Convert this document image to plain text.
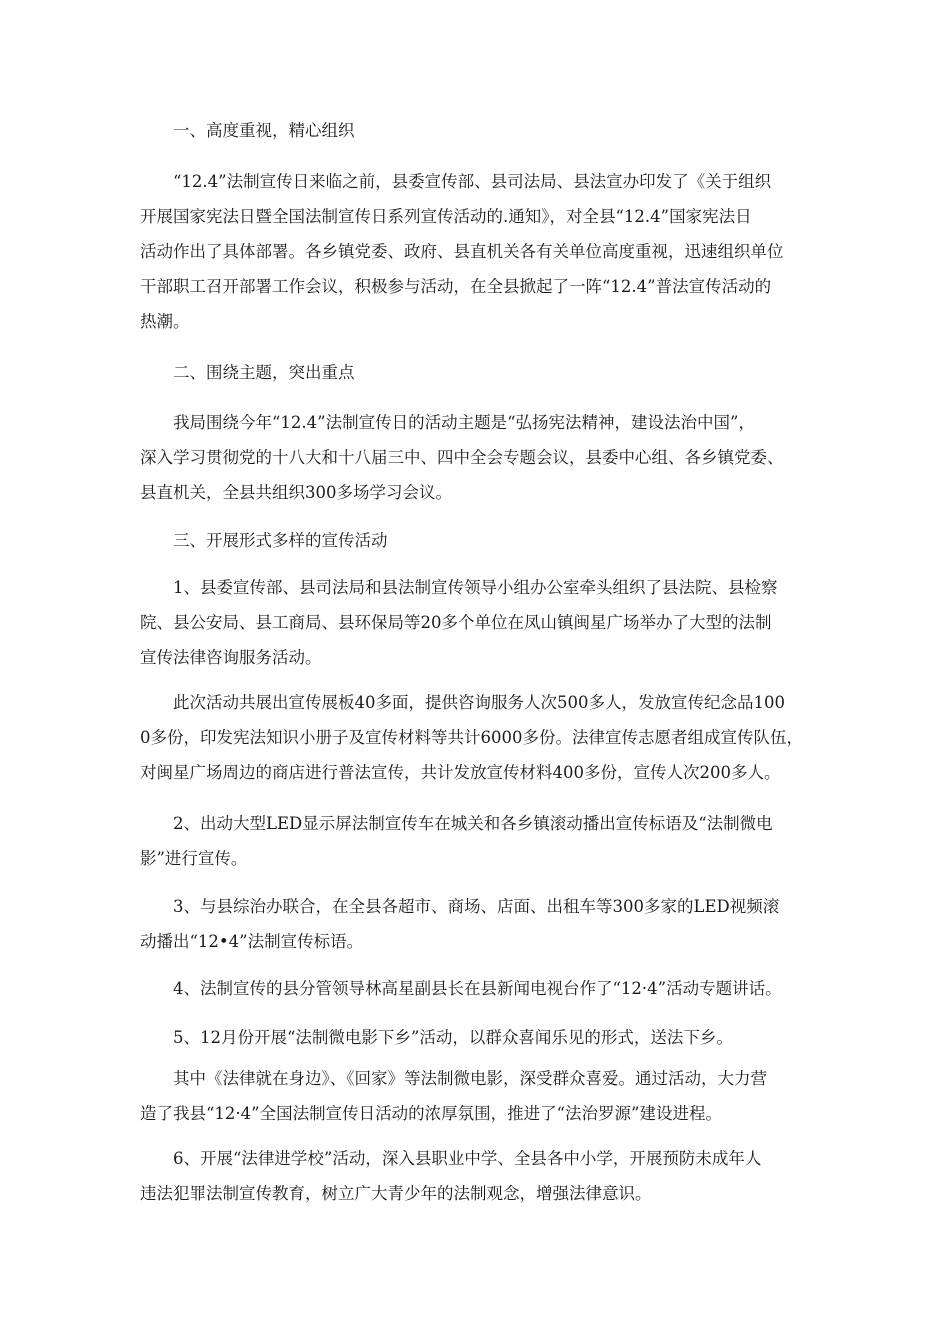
一、高度重视，精心组织

“12.4”法制宣传日来临之前，县委宣传部、县司法局、县法宣办印发了《关于组织
开展国家宪法日暨全国法制宣传日系列宣传活动的.通知》，对全县“12.4”国家宪法日
活动作出了具体部署。各乡镇党委、政府、县直机关各有关单位高度重视，迅速组织单位
干部职工召开部署工作会议，积极参与活动，在全县掀起了一阵“12.4”普法宣传活动的
热潮。

二、围绕主题，突出重点

我局围绕今年“12.4”法制宣传日的活动主题是“弘扬宪法精神，建设法治中国”，
深入学习贯彻党的十八大和十八届三中、四中全会专题会议，县委中心组、各乡镇党委、
县直机关，全县共组织300多场学习会议。

三、开展形式多样的宣传活动

1、县委宣传部、县司法局和县法制宣传领导小组办公室牵头组织了县法院、县检察
院、县公安局、县工商局、县环保局等20多个单位在凤山镇闽星广场举办了大型的法制
宣传法律咨询服务活动。
此次活动共展出宣传展板40多面，提供咨询服务人次500多人，发放宣传纪念品100
0多份，印发宪法知识小册子及宣传材料等共计6000多份。法律宣传志愿者组成宣传队伍，
对闽星广场周边的商店进行普法宣传，共计发放宣传材料400多份，宣传人次200多人。
2、出动大型LED显示屏法制宣传车在城关和各乡镇滚动播出宣传标语及“法制微电
影”进行宣传。
3、与县综治办联合，在全县各超市、商场、店面、出租车等300多家的LED视频滚
动播出“12•4”法制宣传标语。
4、法制宣传的县分管领导林高星副县长在县新闻电视台作了“12·4”活动专题讲话。
5、12月份开展“法制微电影下乡”活动，以群众喜闻乐见的形式，送法下乡。
其中《法律就在身边》、《回家》等法制微电影，深受群众喜爱。通过活动，大力营
造了我县“12·4”全国法制宣传日活动的浓厚氛围，推进了“法治罗源”建设进程。
6、开展“法律进学校”活动，深入县职业中学、全县各中小学，开展预防未成年人
违法犯罪法制宣传教育，树立广大青少年的法制观念，增强法律意识。
